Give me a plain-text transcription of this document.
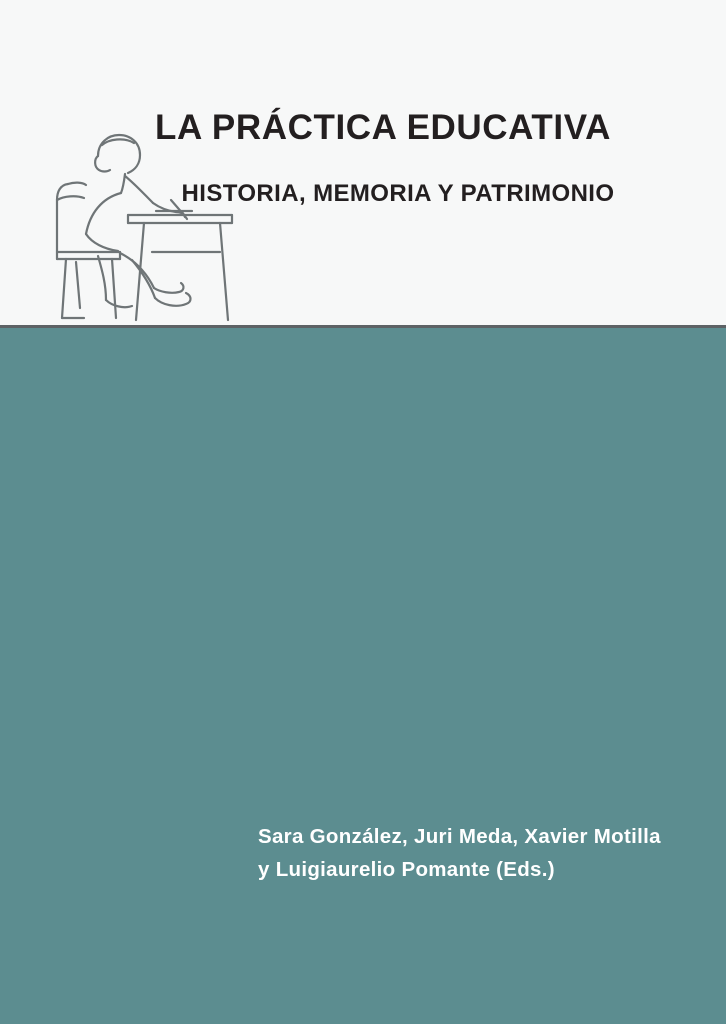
LA PRÁCTICA EDUCATIVA
HISTORIA, MEMORIA Y PATRIMONIO
Sara González, Juri Meda, Xavier Motilla
y Luigiaurelio Pomante (Eds.)
